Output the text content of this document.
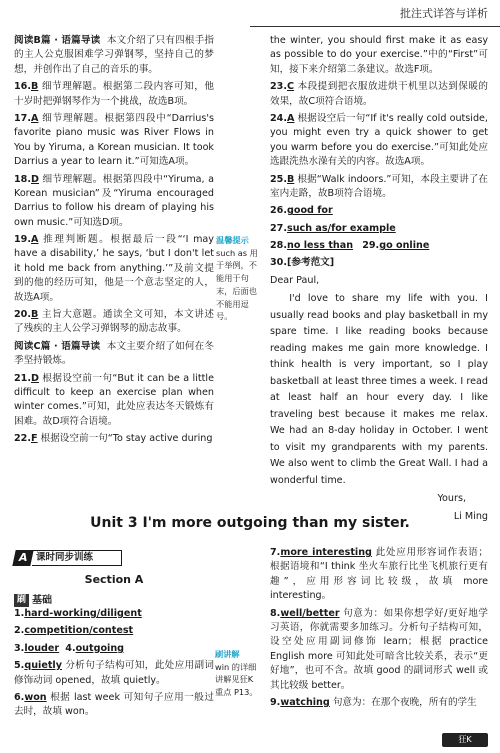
批注式详答与详析

阅读B篇 · 语篇导读 本文介绍了只有四根手指的主人公克服困难学习弹钢琴，坚持自己的梦想，并创作出了自己的音乐的事。

16.B 细节理解题。根据第二段内容可知，他十岁时把弹钢琴作为一个挑战，故选B项。

17.A 细节理解题。根据第四段中“Darrius's favorite piano music was River Flows in You by Yiruma, a Korean musician. It took Darrius a year to learn it.”可知选A项。

18.D 细节理解题。根据第四段中“Yiruma, a Korean musician”及“Yiruma encouraged Darrius to follow his dream of playing his own music.”可知选D项。

19.A 推理判断题。根据最后一段“‘I may have a disability,’ he says, ‘but I don't let it hold me back from anything.’”及前文提到的他的经历可知，他是一个意志坚定的人，故选A项。

20.B 主旨大意题。通读全文可知，本文讲述了残疾的主人公学习弹钢琴的励志故事。

阅读C篇 · 语篇导读 本文主要介绍了如何在冬季坚持锻炼。

21.D 根据设空前一句“But it can be a little difficult to keep an exercise plan when winter comes.”可知，此处应表达冬天锻炼有困难。故D项符合语境。

22.F 根据设空前一句“To stay active during

温馨提示
such as 用于举例，不能用于句末，后面也不能用逗号。

the winter, you should first make it as easy as possible to do your exercise.”中的“First”可知，接下来介绍第二条建议。故选F项。

23.C 本段提到把衣服放进烘干机里以达到保暖的效果，故C项符合语境。

24.A 根据设空后一句“If it's really cold outside, you might even try a quick shower to get you warm before you do exercise.”可知此处应选跟洗热水澡有关的内容。故选A项。

25.B 根据“Walk indoors.”可知，本段主要讲了在室内走路，故B项符合语境。

26.good for

27.such as/for example

28.no less than 29.go online

30.[参考范文]

Dear Paul,

I'd love to share my life with you. I usually read books and play basketball in my spare time. I like reading books because reading makes me gain more knowledge. I think health is very important, so I play basketball at least three times a week. I read at least half an hour every day. I like traveling best because it makes me relax. We had an 8-day holiday in October. I went to visit my grandparents with my parents. We also went to climb the Great Wall. I had a wonderful time.

Yours,

Li Ming

Unit 3 I'm more outgoing than my sister.
A 课时同步训练
Section A
刷 基础

1.hard-working/diligent

2.competition/contest

3.louder 4.outgoing

5.quietly 分析句子结构可知，此处应用副词修饰动词 opened，故填 quietly。

6.won 根据 last week 可知句子应用一般过去时，故填 won。

刷讲解
win 的详细讲解见狂K重点 P13。

7.more interesting 此处应用形容词作表语；根据语境和“I think 坐火车旅行比坐飞机旅行更有趣”，应用形容词比较级，故填 more interesting。

8.well/better 句意为：如果你想学好/更好地学习英语，你就需要多加练习。分析句子结构可知，设空处应用副词修饰 learn；根据 practice English more 可知此处可暗含比较关系，表示“更好地”，也可不含。故填 good 的副词形式 well 或其比较级 better。

9.watching 句意为：在那个夜晚，所有的学生

狂K
